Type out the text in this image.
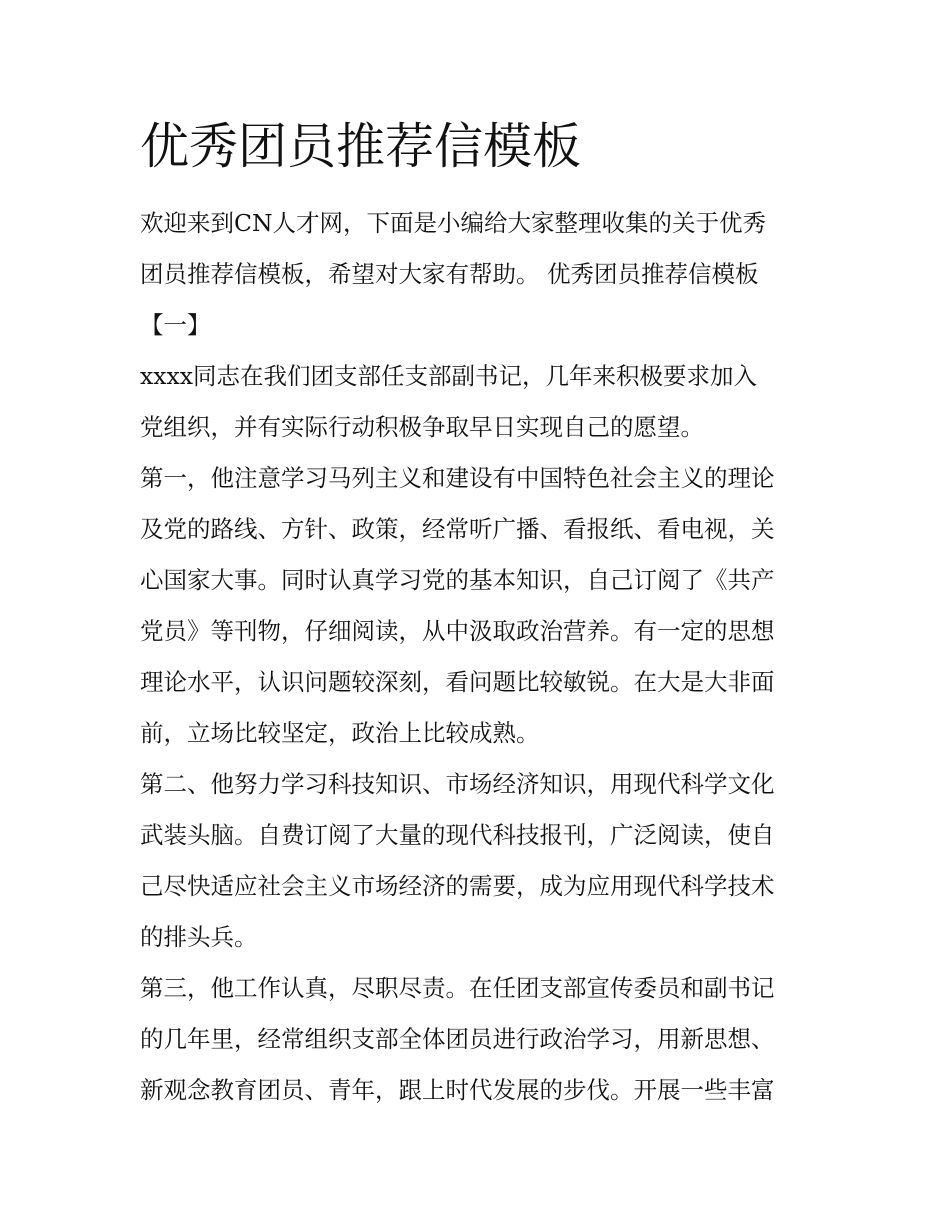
优秀团员推荐信模板
欢迎来到CN人才网，下面是小编给大家整理收集的关于优秀
团员推荐信模板，希望对大家有帮助。 优秀团员推荐信模板
【一】
xxxx同志在我们团支部任支部副书记，几年来积极要求加入
党组织，并有实际行动积极争取早日实现自己的愿望。
第一，他注意学习马列主义和建设有中国特色社会主义的理论
及党的路线、方针、政策，经常听广播、看报纸、看电视，关
心国家大事。同时认真学习党的基本知识，自己订阅了《共产
党员》等刊物，仔细阅读，从中汲取政治营养。有一定的思想
理论水平，认识问题较深刻，看问题比较敏锐。在大是大非面
前，立场比较坚定，政治上比较成熟。
第二、他努力学习科技知识、市场经济知识，用现代科学文化
武装头脑。自费订阅了大量的现代科技报刊，广泛阅读，使自
己尽快适应社会主义市场经济的需要，成为应用现代科学技术
的排头兵。
第三，他工作认真，尽职尽责。在任团支部宣传委员和副书记
的几年里，经常组织支部全体团员进行政治学习，用新思想、
新观念教育团员、青年，跟上时代发展的步伐。开展一些丰富
